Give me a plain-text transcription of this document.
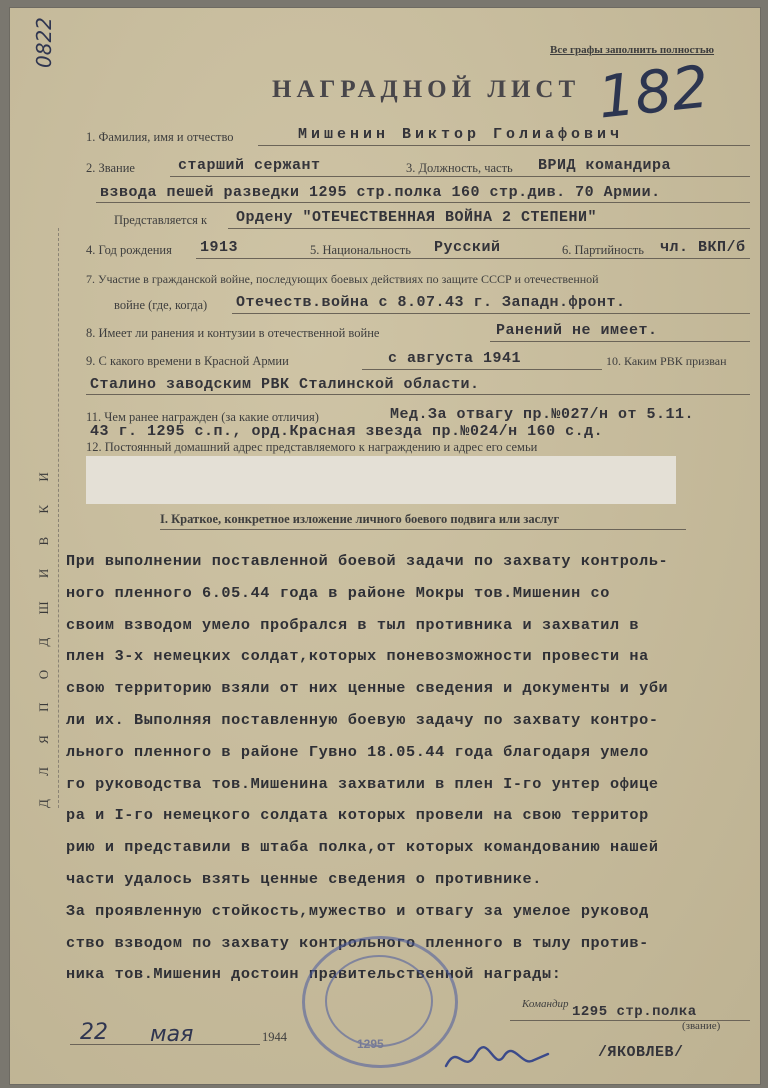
0822	Все графы заполнить полностью
НАГРАДНОЙ ЛИСТ 182
Д Л Я П О Д Ш И В К И
1. Фамилия, имя и отчество	Мишенин Виктор Голиафович
2. Звание	старший сержант	3. Должность, часть ВРИД командира
взвода пешей разведки 1295 стр.полка 160 стр.див. 70 Армии.
Представляется к Ордену "ОТЕЧЕСТВЕННАЯ ВОЙНА 2 СТЕПЕНИ"
4. Год рождения 1913	5. Национальность Русский	6. Партийность чл. ВКП/б
7. Участие в гражданской войне, последующих боевых действиях по защите СССР и отечественной
войне (где, когда) Отечеств.война с 8.07.43 г. Западн.фронт.
8. Имеет ли ранения и контузии в отечественной войне	Ранений не имеет.
9. С какого времени в Красной Армии	с августа 1941	10. Каким РВК призван
Сталино заводским РВК Сталинской области.
11. Чем ранее награжден (за какие отличия)	Мед.За отвагу пр.№027/н от 5.11.
43 г. 1295 с.п., орд.Красная звезда пр.№024/н 160 с.д.
12. Постоянный домашний адрес представляемого к награждению и адрес его семьи
I. Краткое, конкретное изложение личного боевого подвига или заслуг
При выполнении поставленной боевой задачи по захвату контроль-
ного пленного 6.05.44 года в районе Мокры тов.Мишенин со
своим взводом умело пробрался в тыл противника и захватил в
плен 3-х немецких солдат,которых поневозможности провести на
свою территорию взяли от них ценные сведения и документы и уби
ли их. Выполняя поставленную боевую задачу по захвату контро-
льного пленного в районе Гувно 18.05.44 года благодаря умело
го руководства тов.Мишенина захватили в плен I-го унтер офице
ра и I-го немецкого солдата которых провели на свою территор
рию и представили в штаба полка,от которых командованию нашей
части удалось взять ценные сведения о противнике.
За проявленную стойкость,мужество и отвагу за умелое руковод
ство взводом по захвату контрольного пленного в тылу против-
ника тов.Мишенин достоин правительственной награды:
Командир 1295 стр.полка
(звание)
22 мая	1944
/ЯКОВЛЕВ/
1295
